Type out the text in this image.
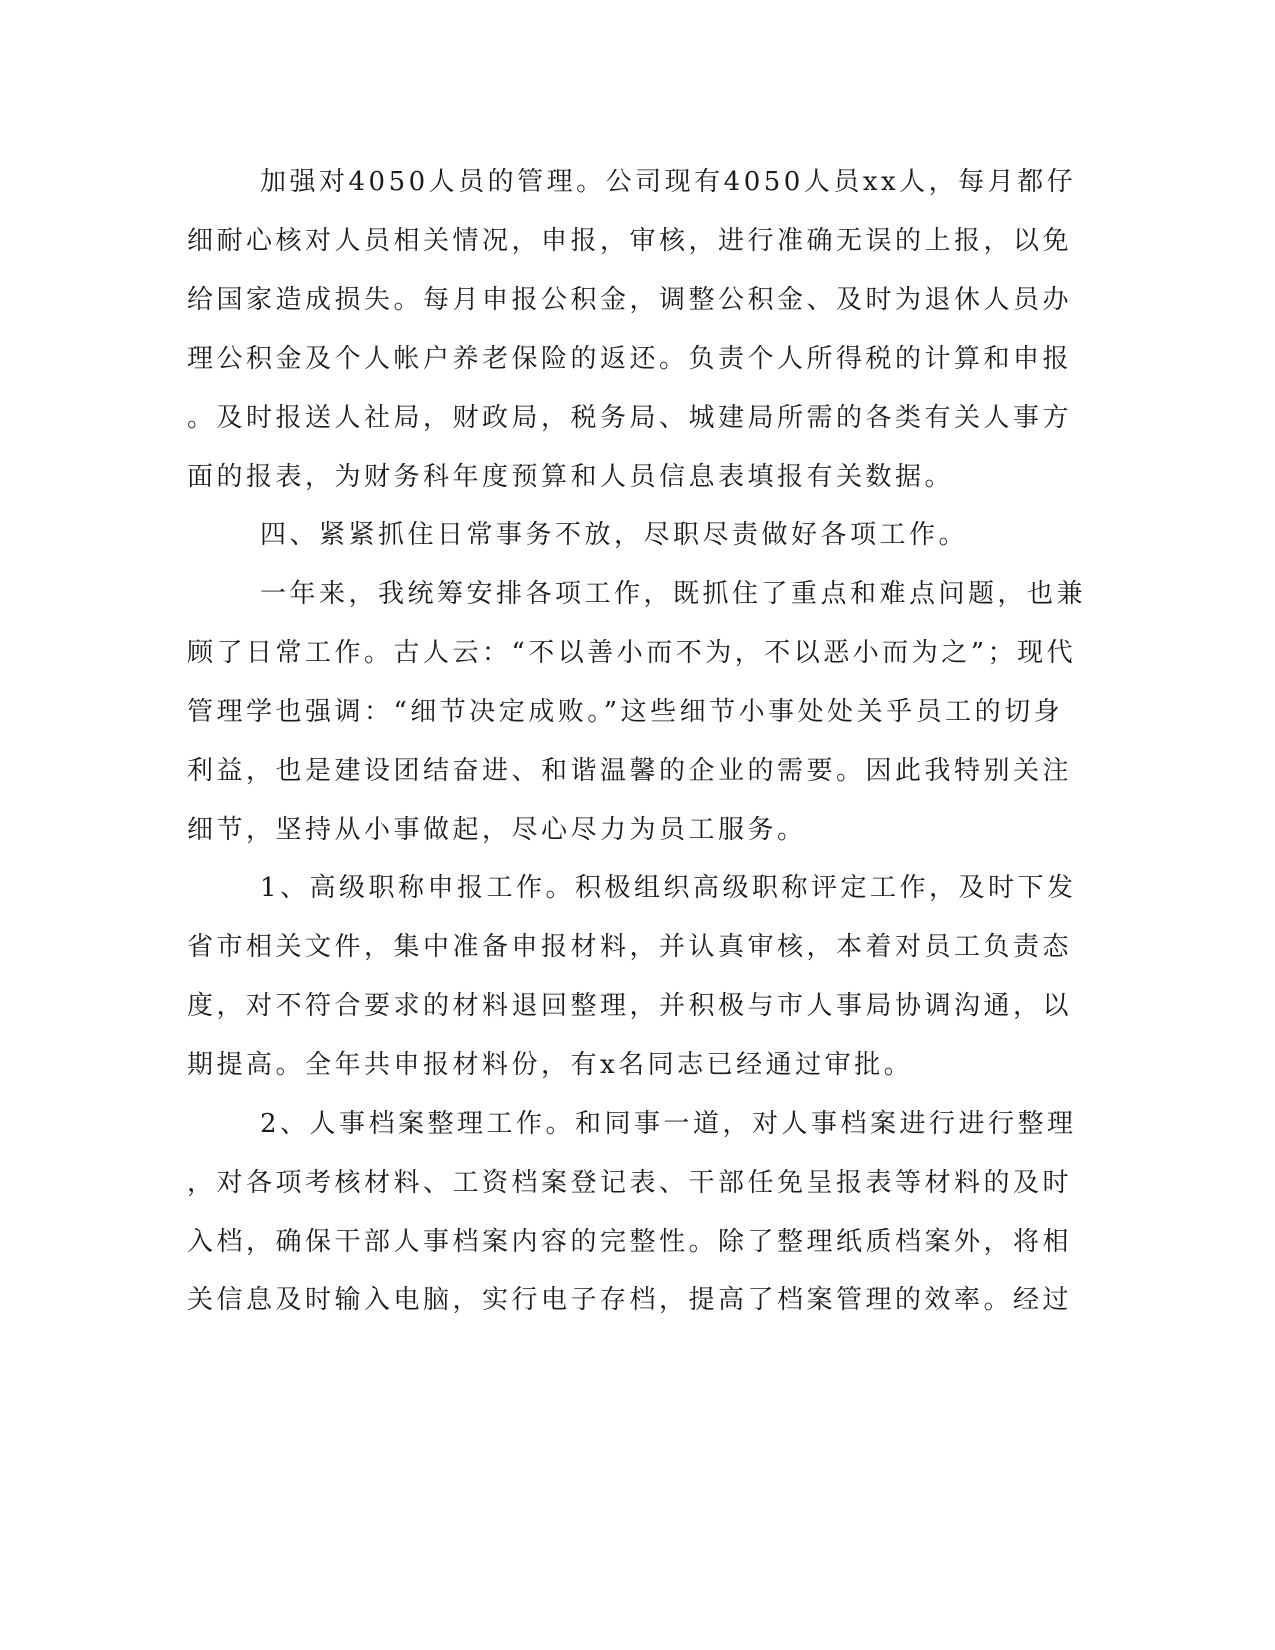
加强对4050人员的管理。公司现有4050人员xx人，每月都仔
细耐心核对人员相关情况，申报，审核，进行准确无误的上报，以免
给国家造成损失。每月申报公积金，调整公积金、及时为退休人员办
理公积金及个人帐户养老保险的返还。负责个人所得税的计算和申报
。及时报送人社局，财政局，税务局、城建局所需的各类有关人事方
面的报表，为财务科年度预算和人员信息表填报有关数据。
四、紧紧抓住日常事务不放，尽职尽责做好各项工作。
一年来，我统筹安排各项工作，既抓住了重点和难点问题，也兼
顾了日常工作。古人云：“不以善小而不为，不以恶小而为之”；现代
管理学也强调：“细节决定成败。”这些细节小事处处关乎员工的切身
利益，也是建设团结奋进、和谐温馨的企业的需要。因此我特别关注
细节，坚持从小事做起，尽心尽力为员工服务。
1、高级职称申报工作。积极组织高级职称评定工作，及时下发
省市相关文件，集中准备申报材料，并认真审核，本着对员工负责态
度，对不符合要求的材料退回整理，并积极与市人事局协调沟通，以
期提高。全年共申报材料份，有x名同志已经通过审批。
2、人事档案整理工作。和同事一道，对人事档案进行进行整理
，对各项考核材料、工资档案登记表、干部任免呈报表等材料的及时
入档，确保干部人事档案内容的完整性。除了整理纸质档案外，将相
关信息及时输入电脑，实行电子存档，提高了档案管理的效率。经过
